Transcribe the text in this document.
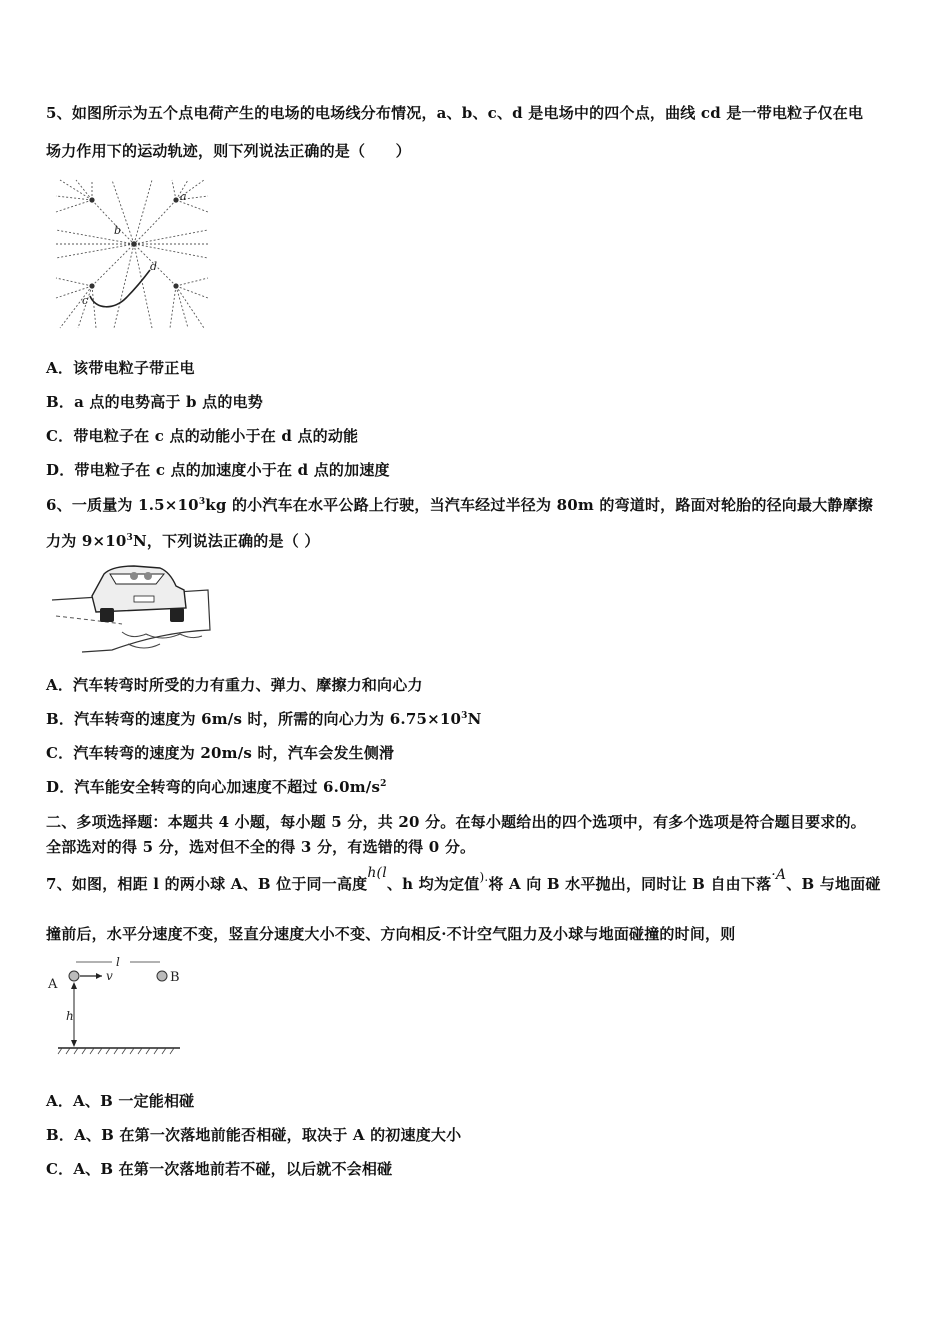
5、如图所示为五个点电荷产生的电场的电场线分布情况，a、b、c、d 是电场中的四个点，曲线 cd 是一带电粒子仅在电
场力作用下的运动轨迹，则下列说法正确的是（　　）
a
b
c
d
A．该带电粒子带正电
B．a 点的电势高于 b 点的电势
C．带电粒子在 c 点的动能小于在 d 点的动能
D．带电粒子在 c 点的加速度小于在 d 点的加速度
6、一质量为 $1.5\times 10^3kg$ 的小汽车在水平公路上行驶，当汽车经过半径为 80m 的弯道时，路面对轮胎的径向最大静摩擦
力为 $9\times 10^3N$，下列说法正确的是（ ）
A．汽车转弯时所受的力有重力、弹力、摩擦力和向心力
B．汽车转弯的速度为 6m/s 时，所需的向心力为 $6.75\times 10^3N$
C．汽车转弯的速度为 20m/s 时，汽车会发生侧滑
D．汽车能安全转弯的向心加速度不超过 $6.0m/s^2$
二、多项选择题：本题共 4 小题，每小题 5 分，共 20 分。在每小题给出的四个选项中，有多个选项是符合题目要求的。
全部选对的得 5 分，选对但不全的得 3 分，有选错的得 0 分。
7、如图，相距 l 的两小球 A、B 位于同一高度h(l、h 均为定值).将 A 向 B 水平抛出，同时让 B 自由下落·A、B 与地面碰
撞前后，水平分速度不变，竖直分速度大小不变、方向相反·不计空气阻力及小球与地面碰撞的时间，则
A
v
l
B
h
A．A、B 一定能相碰
B．A、B 在第一次落地前能否相碰，取决于 A 的初速度大小
C．A、B 在第一次落地前若不碰，以后就不会相碰
